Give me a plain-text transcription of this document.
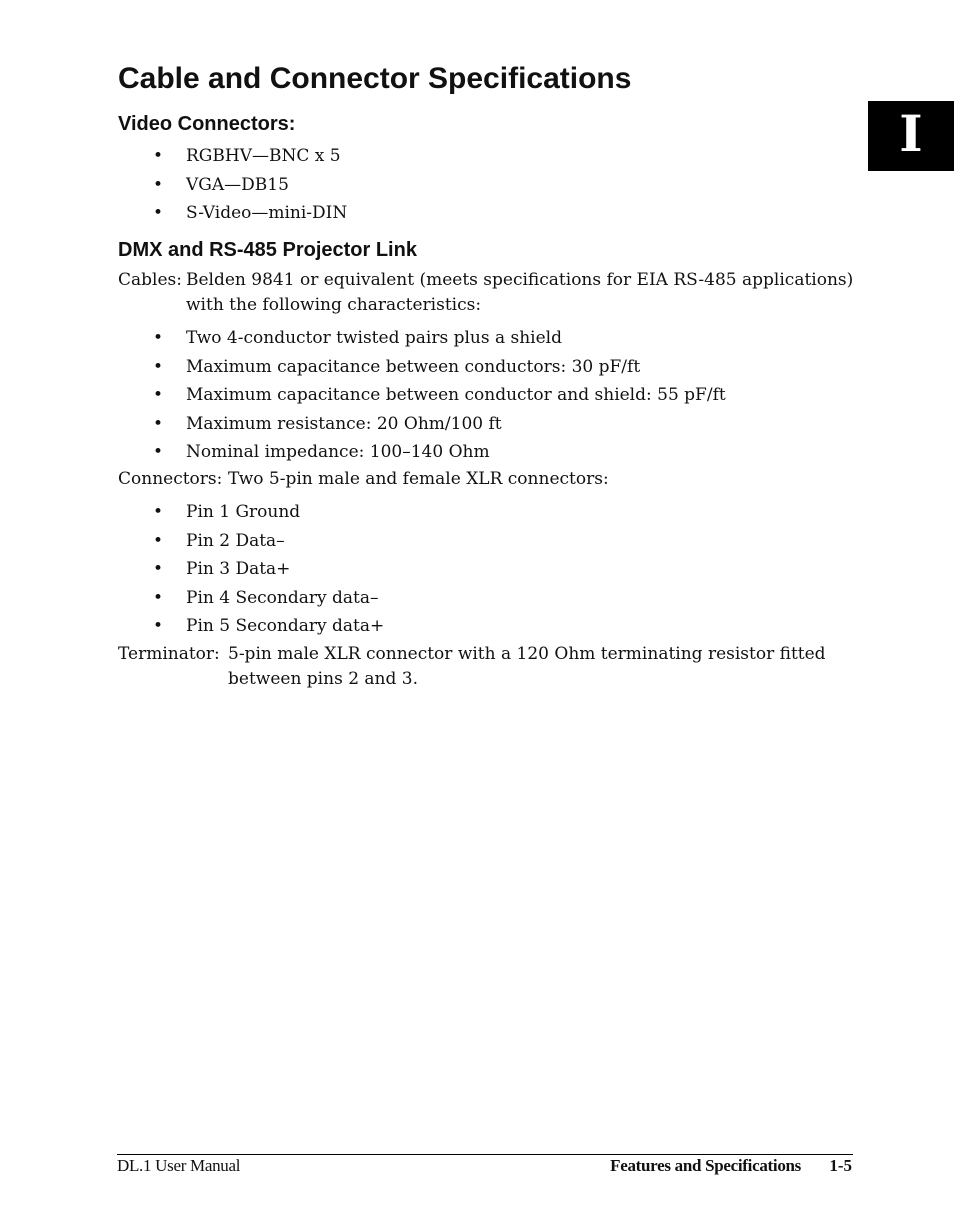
I
Cable and Connector Specifications
Video Connectors:
• RGBHV—BNC x 5
• VGA—DB15
• S-Video—mini-DIN
DMX and RS-485 Projector Link
Cables: Belden 9841 or equivalent (meets specifications for EIA RS-485 applications)
with the following characteristics:
• Two 4-conductor twisted pairs plus a shield
• Maximum capacitance between conductors: 30 pF/ft
• Maximum capacitance between conductor and shield: 55 pF/ft
• Maximum resistance: 20 Ohm/100 ft
• Nominal impedance: 100–140 Ohm
Connectors: Two 5-pin male and female XLR connectors:
• Pin 1 Ground
• Pin 2 Data–
• Pin 3 Data+
• Pin 4 Secondary data–
• Pin 5 Secondary data+
Terminator: 5-pin male XLR connector with a 120 Ohm terminating resistor fitted
between pins 2 and 3.
DL.1 User Manual	Features and Specifications 1-5
